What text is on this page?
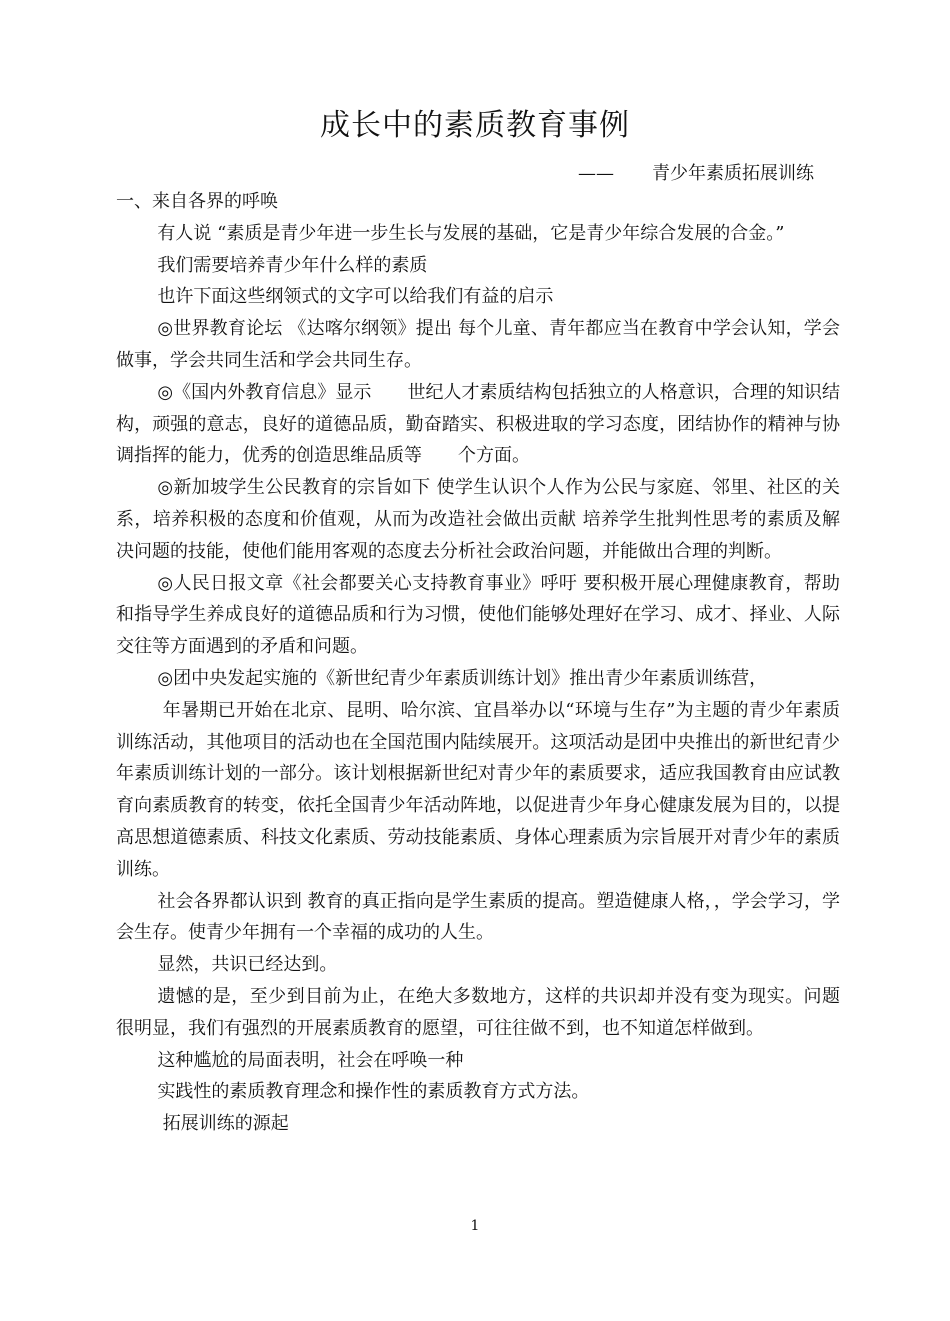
成长中的素质教育事例
—— 青少年素质拓展训练

一、来自各界的呼唤

有人说 “素质是青少年进一步生长与发展的基础，它是青少年综合发展的合金。”

我们需要培养青少年什么样的素质

也许下面这些纲领式的文字可以给我们有益的启示

◎世界教育论坛 《达喀尔纲领》提出 每个儿童、青年都应当在教育中学会认知，学会做事，学会共同生活和学会共同生存。

◎《国内外教育信息》显示　　世纪人才素质结构包括独立的人格意识，合理的知识结构，顽强的意志，良好的道德品质，勤奋踏实、积极进取的学习态度，团结协作的精神与协调指挥的能力，优秀的创造思维品质等　　个方面。

◎新加坡学生公民教育的宗旨如下 使学生认识个人作为公民与家庭、邻里、社区的关系，培养积极的态度和价值观，从而为改造社会做出贡献 培养学生批判性思考的素质及解决问题的技能，使他们能用客观的态度去分析社会政治问题，并能做出合理的判断。

◎人民日报文章《社会都要关心支持教育事业》呼吁 要积极开展心理健康教育，帮助和指导学生养成良好的道德品质和行为习惯，使他们能够处理好在学习、成才、择业、人际交往等方面遇到的矛盾和问题。

◎团中央发起实施的《新世纪青少年素质训练计划》推出青少年素质训练营，

年暑期已开始在北京、昆明、哈尔滨、宜昌举办以“环境与生存”为主题的青少年素质训练活动，其他项目的活动也在全国范围内陆续展开。这项活动是团中央推出的新世纪青少年素质训练计划的一部分。该计划根据新世纪对青少年的素质要求，适应我国教育由应试教育向素质教育的转变，依托全国青少年活动阵地，以促进青少年身心健康发展为目的，以提高思想道德素质、科技文化素质、劳动技能素质、身体心理素质为宗旨展开对青少年的素质训练。

社会各界都认识到 教育的真正指向是学生素质的提高。塑造健康人格，，学会学习，学会生存。使青少年拥有一个幸福的成功的人生。

显然，共识已经达到。

遗憾的是，至少到目前为止，在绝大多数地方，这样的共识却并没有变为现实。问题很明显，我们有强烈的开展素质教育的愿望，可往往做不到，也不知道怎样做到。

这种尴尬的局面表明，社会在呼唤一种

实践性的素质教育理念和操作性的素质教育方式方法。

拓展训练的源起

1
